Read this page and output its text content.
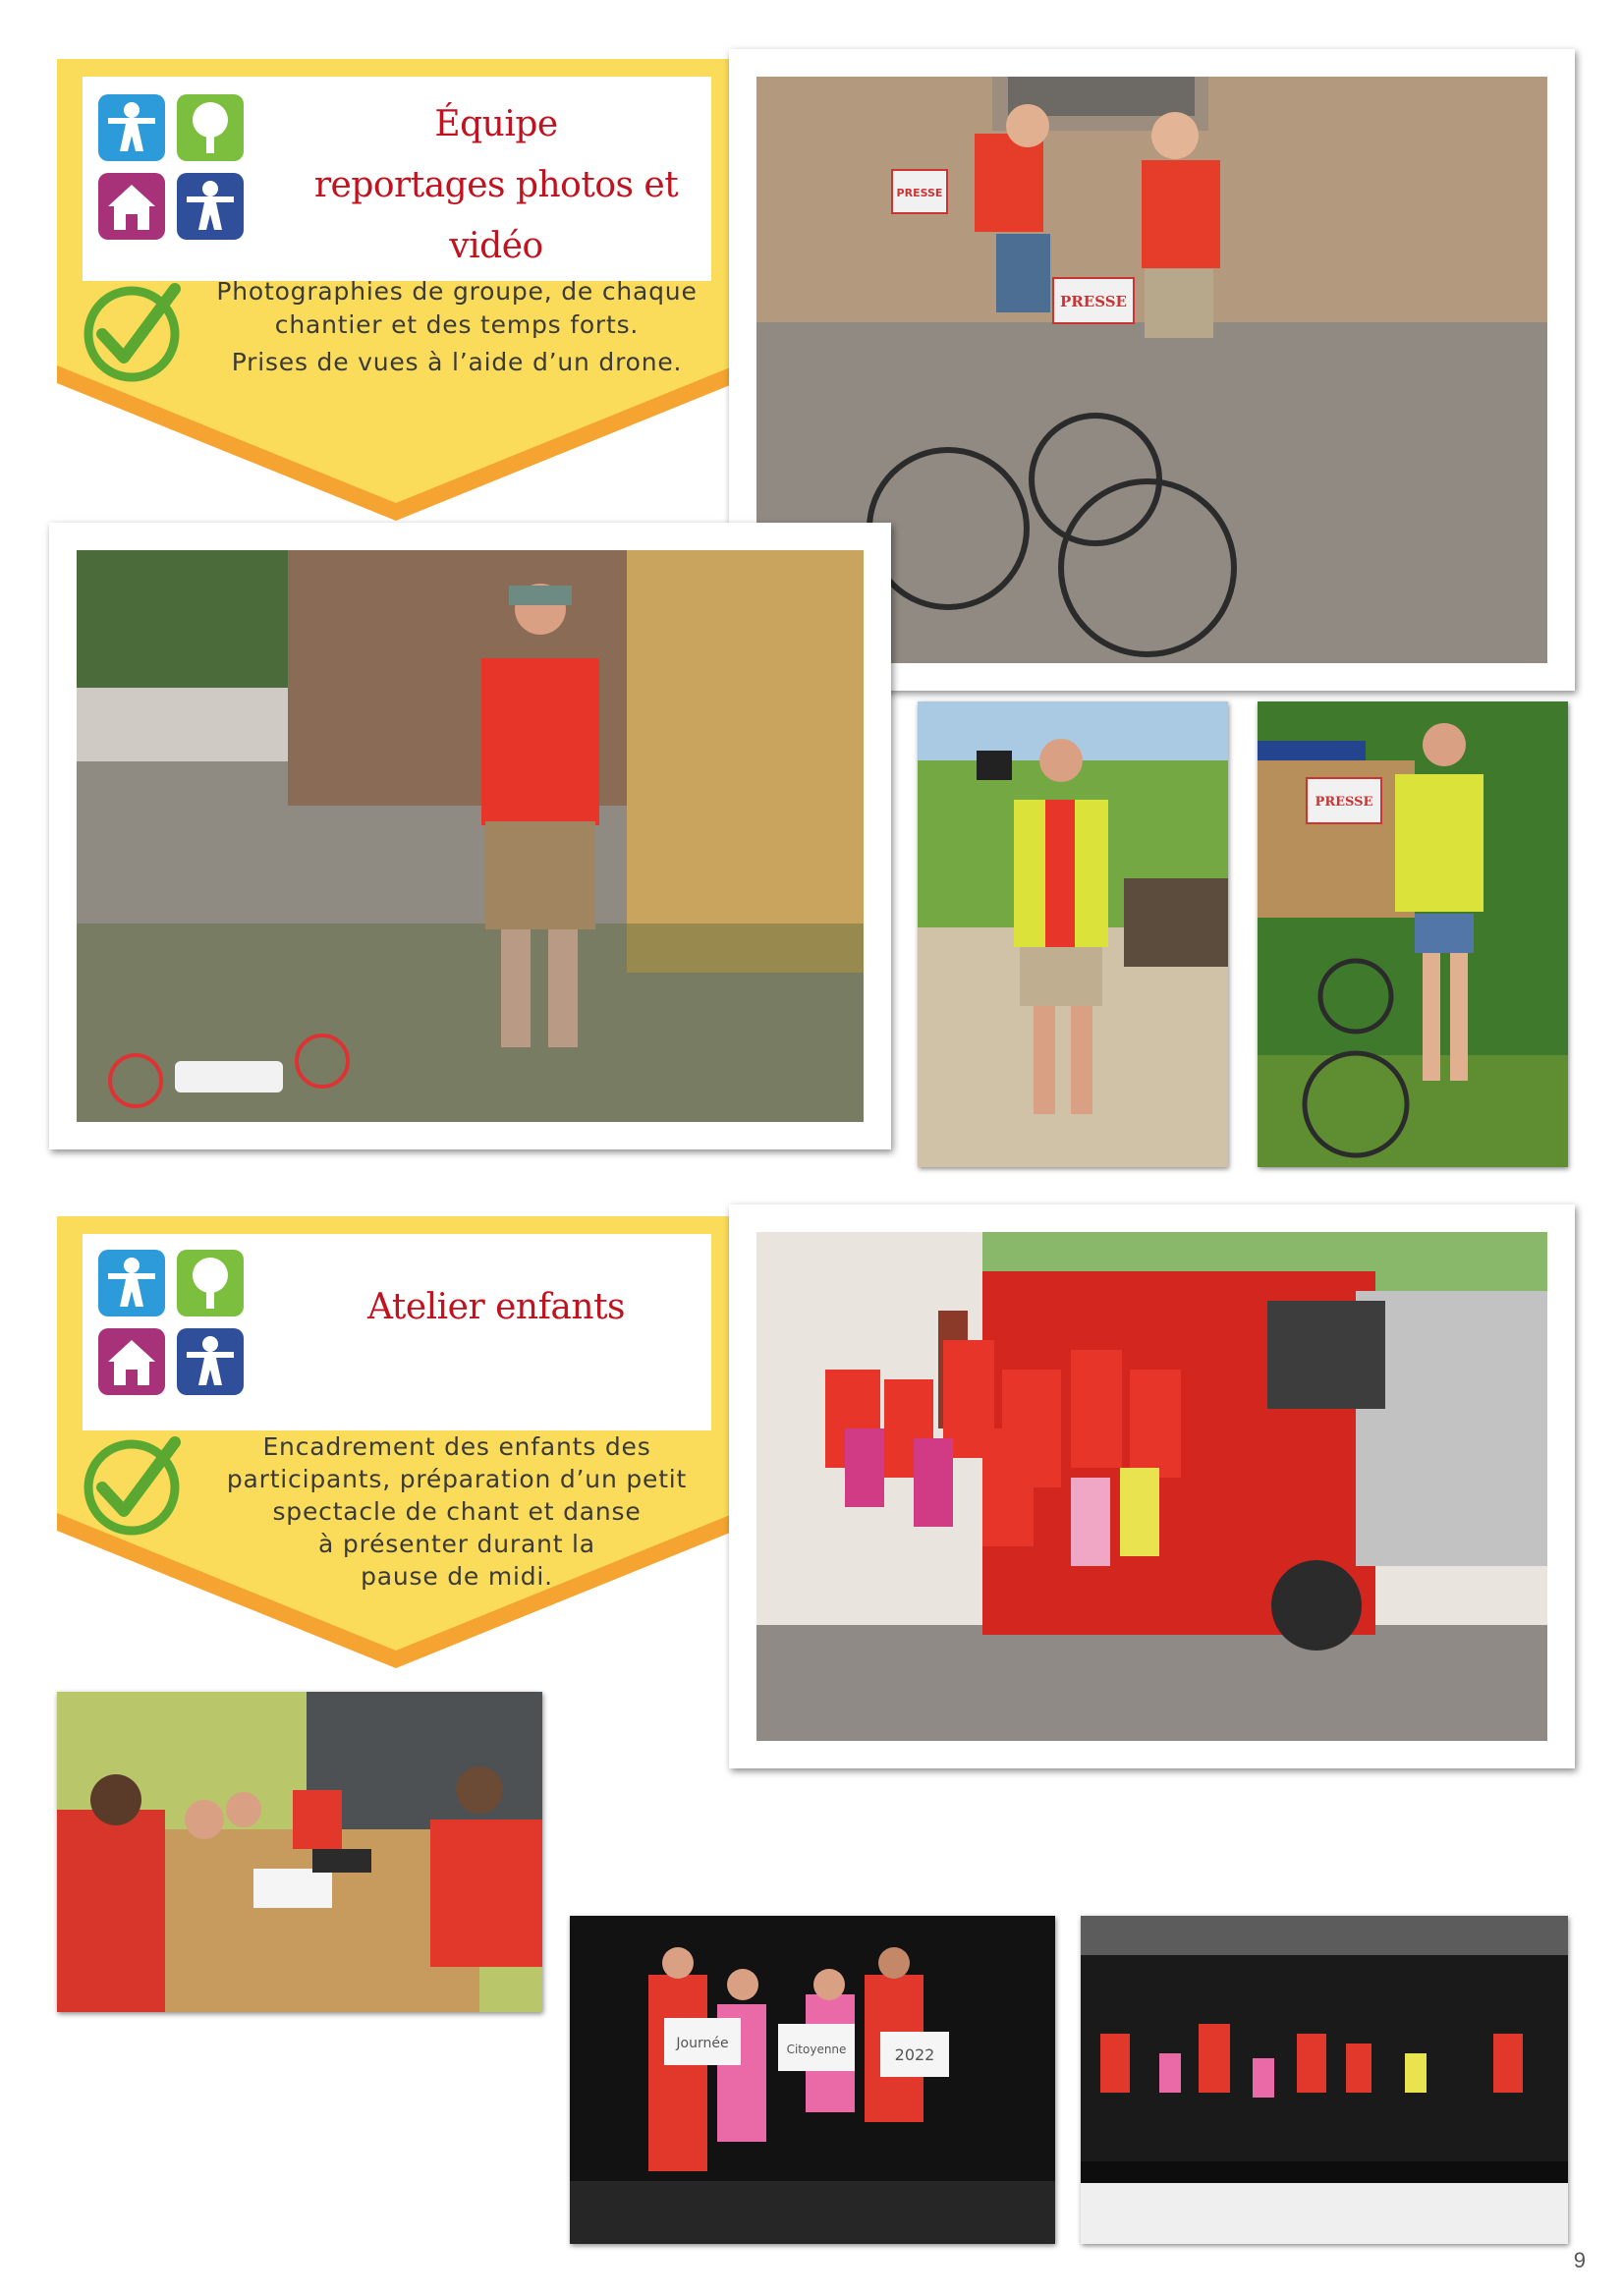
Équipe
reportages photos et vidéo
Photographies de groupe, de chaque
chantier et des temps forts.
Prises de vues à l’aide d’un drone.
PRESSE
PRESSE
PRESSE
Atelier enfants
Encadrement des enfants des
participants, préparation d’un petit
spectacle de chant et danse
à présenter durant la
pause de midi.
Journée	Citoyenne	2022
9
